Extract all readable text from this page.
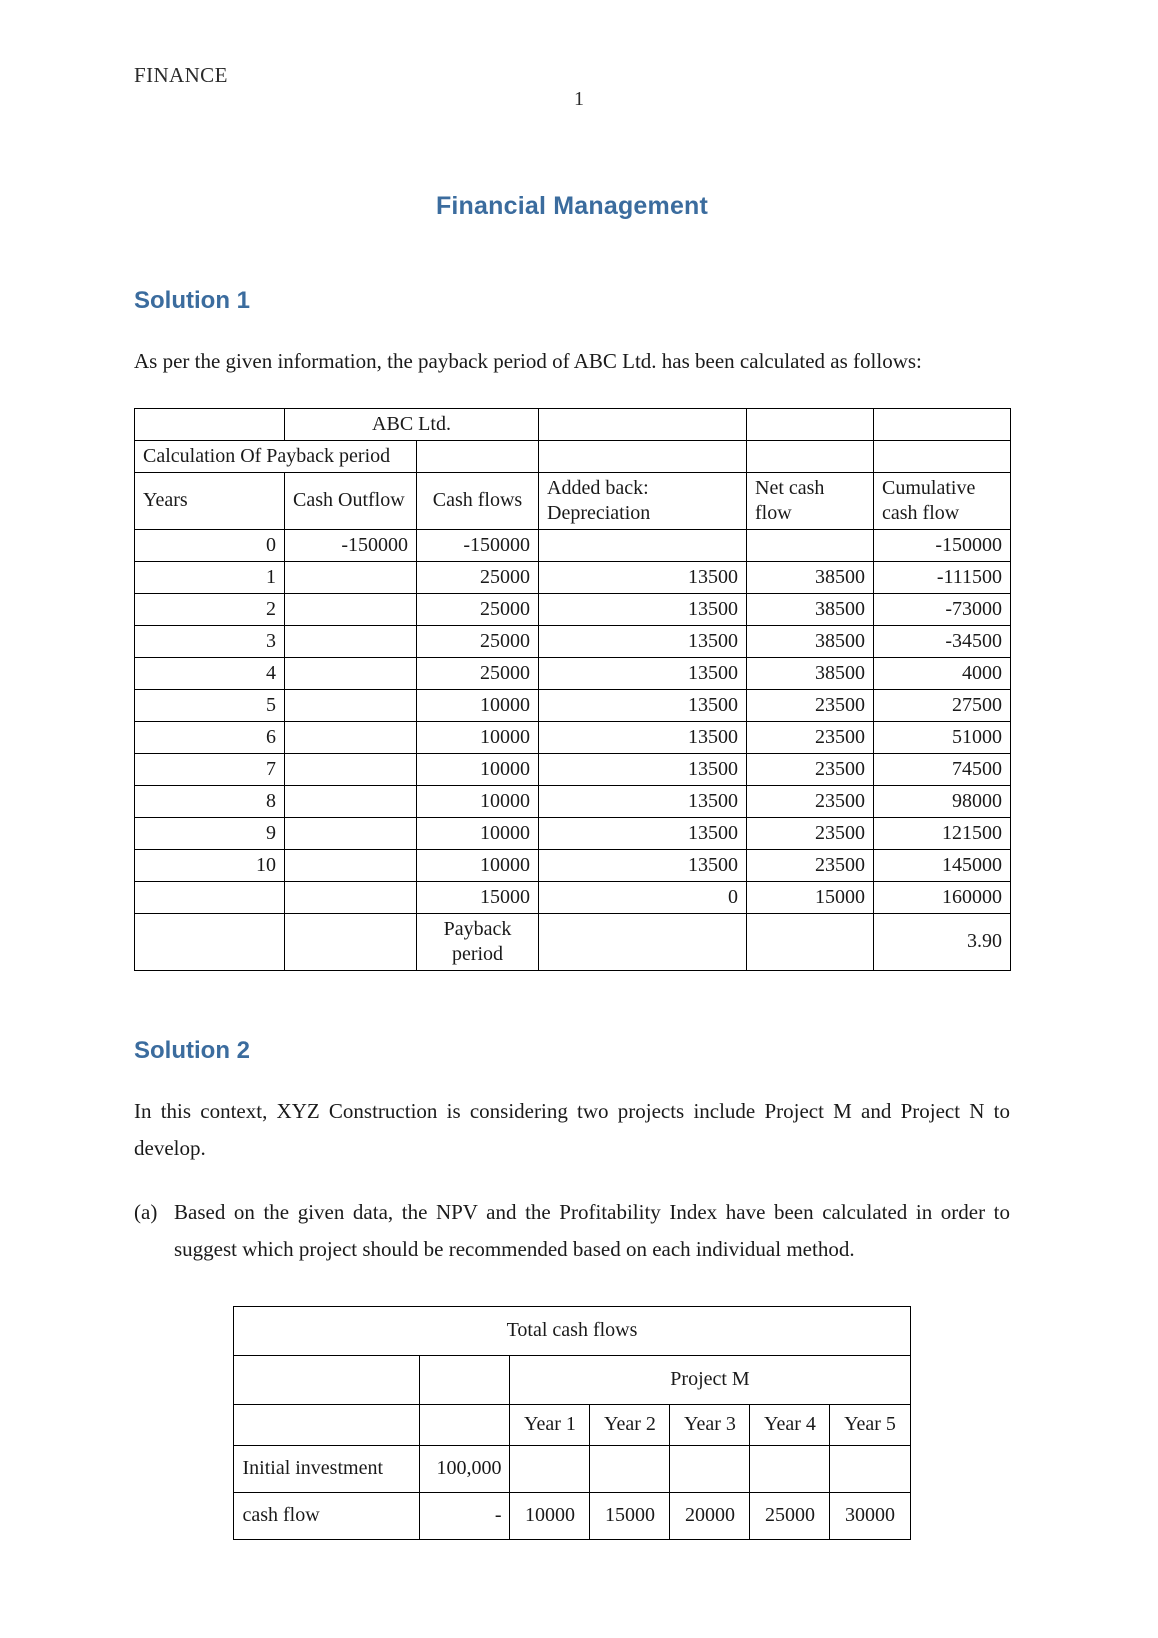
FINANCE
1
Financial Management
Solution 1

As per the given information, the payback period of ABC Ltd. has been calculated as follows:

	ABC Ltd.				
Calculation Of Payback period					
Years	Cash Outflow	Cash flows	Added back: Depreciation	Net cash flow	Cumulative cash flow
0	-150000	-150000			-150000
1		25000	13500	38500	-111500
2		25000	13500	38500	-73000
3		25000	13500	38500	-34500
4		25000	13500	38500	4000
5		10000	13500	23500	27500
6		10000	13500	23500	51000
7		10000	13500	23500	74500
8		10000	13500	23500	98000
9		10000	13500	23500	121500
10		10000	13500	23500	145000
		15000	0	15000	160000
		Payback period			3.90
Solution 2

In this context, XYZ Construction is considering two projects include Project M and Project N to develop.

(a) Based on the given data, the NPV and the Profitability Index have been calculated in order to suggest which project should be recommended based on each individual method.
Total cash flows						
		Project M				
		Year 1	Year 2	Year 3	Year 4	Year 5
Initial investment	100,000					
cash flow	-	10000	15000	20000	25000	30000
